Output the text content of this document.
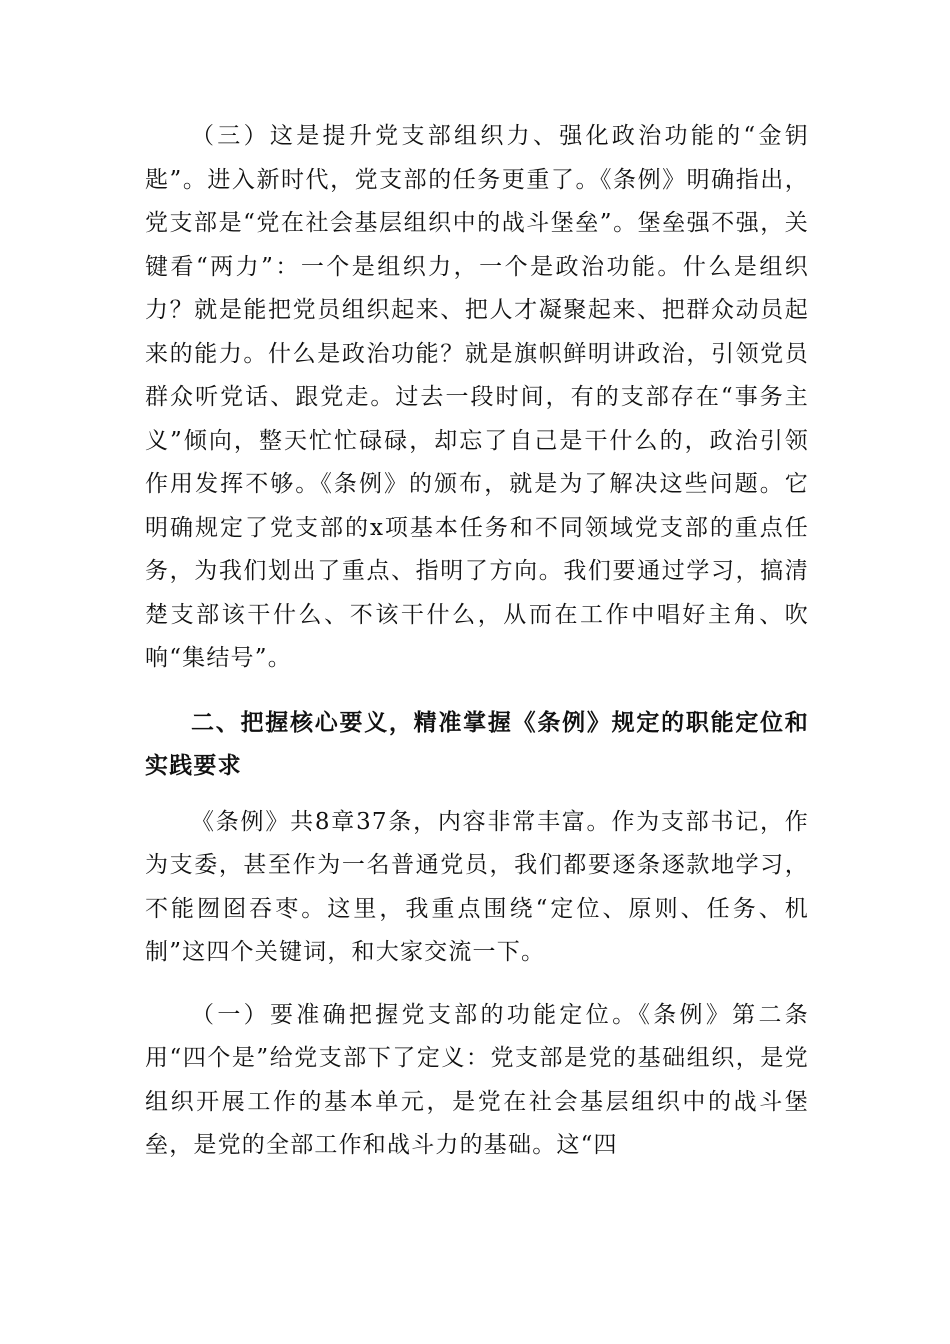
（三）这是提升党支部组织力、强化政治功能的“金钥匙”。进入新时代，党支部的任务更重了。《条例》明确指出，党支部是“党在社会基层组织中的战斗堡垒”。堡垒强不强，关键看“两力”：一个是组织力，一个是政治功能。什么是组织力？就是能把党员组织起来、把人才凝聚起来、把群众动员起来的能力。什么是政治功能？就是旗帜鲜明讲政治，引领党员群众听党话、跟党走。过去一段时间，有的支部存在“事务主义”倾向，整天忙忙碌碌，却忘了自己是干什么的，政治引领作用发挥不够。《条例》的颁布，就是为了解决这些问题。它明确规定了党支部的x项基本任务和不同领域党支部的重点任务，为我们划出了重点、指明了方向。我们要通过学习，搞清楚支部该干什么、不该干什么，从而在工作中唱好主角、吹响“集结号”。

二、把握核心要义，精准掌握《条例》规定的职能定位和实践要求

《条例》共8章37条，内容非常丰富。作为支部书记，作为支委，甚至作为一名普通党员，我们都要逐条逐款地学习，不能囫囵吞枣。这里，我重点围绕“定位、原则、任务、机制”这四个关键词，和大家交流一下。

（一）要准确把握党支部的功能定位。《条例》第二条用“四个是”给党支部下了定义：党支部是党的基础组织，是党组织开展工作的基本单元，是党在社会基层组织中的战斗堡垒，是党的全部工作和战斗力的基础。这“四
